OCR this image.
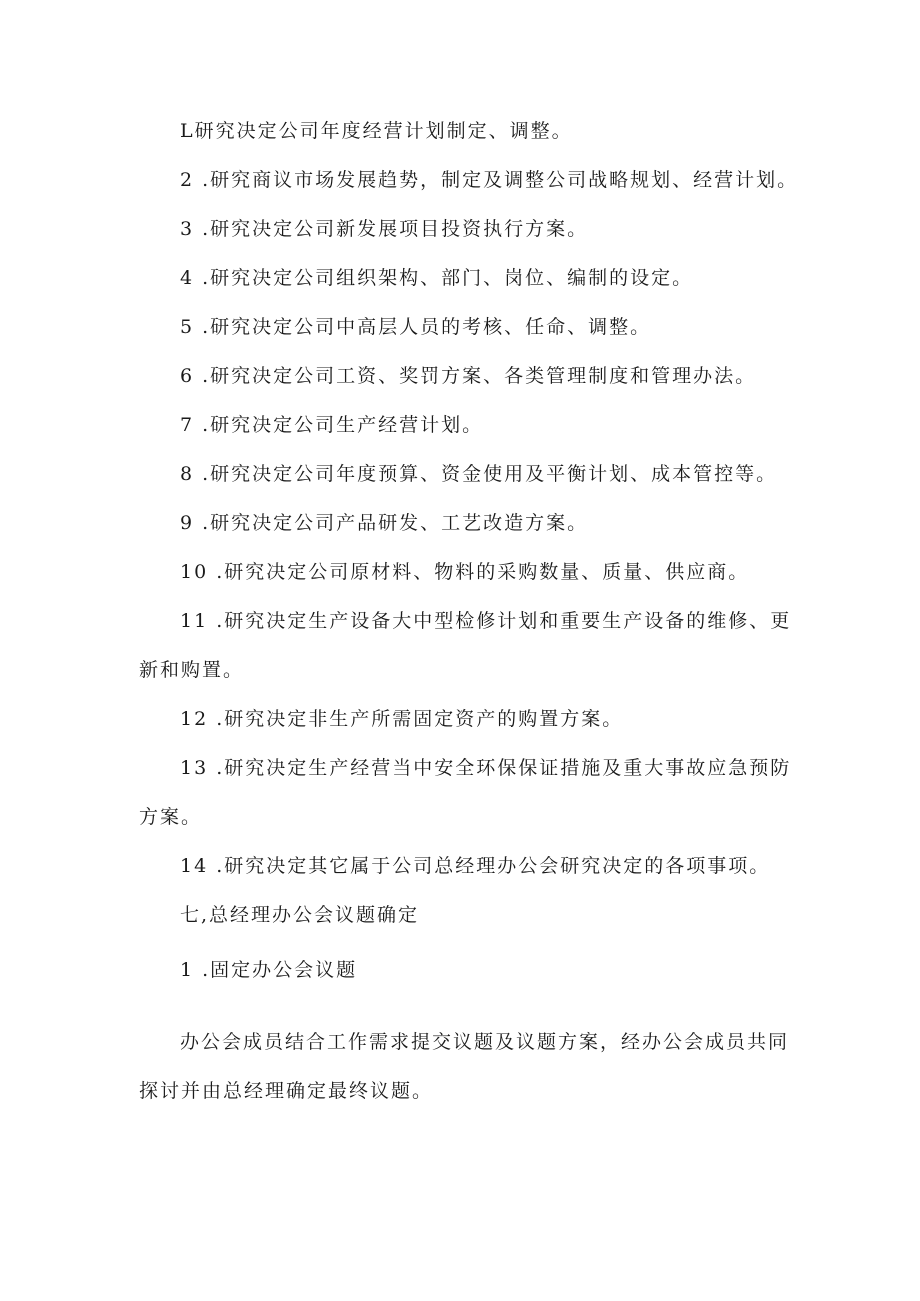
L研究决定公司年度经营计划制定、调整。
2 .研究商议市场发展趋势，制定及调整公司战略规划、经营计划。
3 .研究决定公司新发展项目投资执行方案。
4 .研究决定公司组织架构、部门、岗位、编制的设定。
5 .研究决定公司中高层人员的考核、任命、调整。
6 .研究决定公司工资、奖罚方案、各类管理制度和管理办法。
7 .研究决定公司生产经营计划。
8 .研究决定公司年度预算、资金使用及平衡计划、成本管控等。
9 .研究决定公司产品研发、工艺改造方案。
10 .研究决定公司原材料、物料的采购数量、质量、供应商。
11 .研究决定生产设备大中型检修计划和重要生产设备的维修、更
新和购置。
12 .研究决定非生产所需固定资产的购置方案。
13 .研究决定生产经营当中安全环保保证措施及重大事故应急预防
方案。
14 .研究决定其它属于公司总经理办公会研究决定的各项事项。
七,总经理办公会议题确定
1 .固定办公会议题
办公会成员结合工作需求提交议题及议题方案，经办公会成员共同
探讨并由总经理确定最终议题。
